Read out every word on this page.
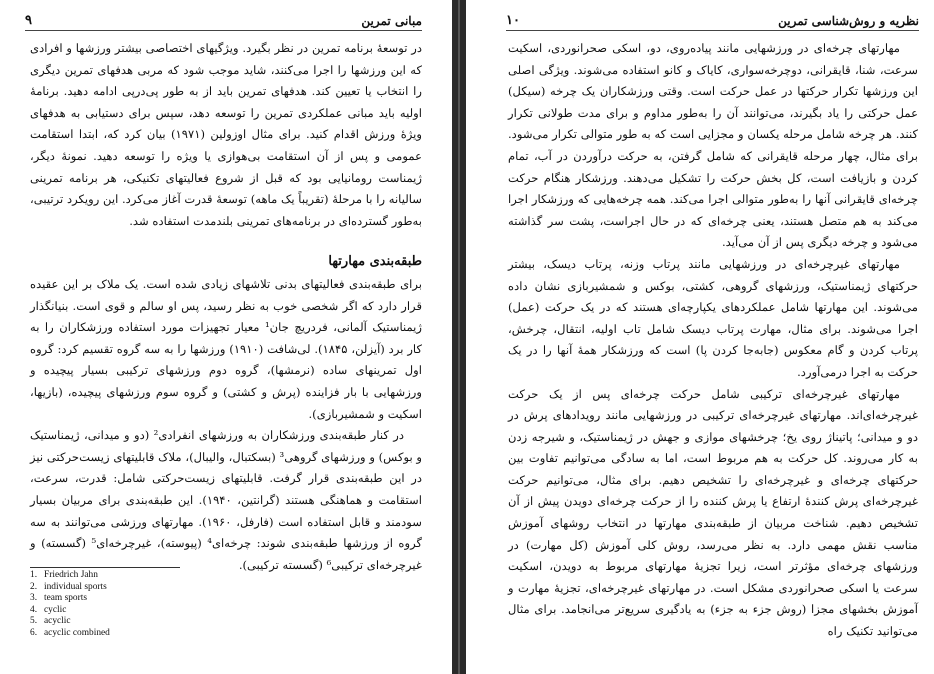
مبانی تمرین
۹

در توسعهٔ برنامه تمرین در نظر بگیرد. ویژگیهای اختصاصی بیشتر ورزشها و افرادی که این ورزشها را اجرا می‌کنند، شاید موجب شود که مربی هدفهای تمرین دیگری را انتخاب یا تعیین کند. هدفهای تمرین باید از به طور پی‌درپی ادامه دهید. برنامهٔ اولیه باید مبانی عملکردی تمرین را توسعه دهد، سپس برای دستیابی به هدفهای ویژهٔ ورزش اقدام کنید. برای مثال اوزولین (۱۹۷۱) بیان کرد که، ابتدا استقامت عمومی و پس از آن استقامت بی‌هوازی یا ویژه را توسعه دهید. نمونهٔ دیگر، ژیمناست رومانیایی بود که قبل از شروع فعالیتهای تکنیکی، هر برنامه تمرینی سالیانه را با مرحلهٔ (تقریباً یک ماهه) توسعهٔ قدرت آغاز می‌کرد. این رویکرد ترتیبی، به‌طور گسترده‌ای در برنامه‌های تمرینی بلندمدت استفاده شد.

طبقه‌بندی مهارتها

برای طبقه‌بندی فعالیتهای بدنی تلاشهای زیادی شده است. یک ملاک بر این عقیده قرار دارد که اگر شخصی خوب به نظر رسید، پس او سالم و قوی است. بنیانگذار ژیمناستیک آلمانی، فردریچ جان¹ معیار تجهیزات مورد استفاده ورزشکاران را به کار برد (آیزلن، ۱۸۴۵). لی‌شافت (۱۹۱۰) ورزشها را به سه گروه تقسیم کرد: گروه اول تمرینهای ساده (نرمشها)، گروه دوم ورزشهای ترکیبی بسیار پیچیده و ورزشهایی با بار فزاینده (پرش و کشتی) و گروه سوم ورزشهای پیچیده، (بازیها، اسکیت و شمشیربازی).

در کنار طبقه‌بندی ورزشکاران به ورزشهای انفرادی² (دو و میدانی، ژیمناستیک و بوکس) و ورزشهای گروهی³ (بسکتبال، والیبال)، ملاک قابلیتهای زیست‌حرکتی نیز در این طبقه‌بندی قرار گرفت. قابلیتهای زیست‌حرکتی شامل: قدرت، سرعت، استقامت و هماهنگی هستند (گرانتین، ۱۹۴۰). این طبقه‌بندی برای مربیان بسیار سودمند و قابل استفاده است (فارفل، ۱۹۶۰). مهارتهای ورزشی می‌توانند به سه گروه از ورزشها طبقه‌بندی شوند: چرخه‌ای⁴ (پیوسته)، غیرچرخه‌ای⁵ (گسسته) و غیرچرخه‌ای ترکیبی⁶ (گسسته ترکیبی).

1. Friedrich Jahn
2. individual sports
3. team sports
4. cyclic
5. acyclic
6. acyclic combined
نظریه و روش‌شناسی تمرین
۱۰

مهارتهای چرخه‌ای در ورزشهایی مانند پیاده‌روی، دو، اسکی صحرانوردی، اسکیت سرعت، شنا، قایقرانی، دوچرخه‌سواری، کایاک و کانو استفاده می‌شوند. ویژگی اصلی این ورزشها تکرار حرکتها در عمل حرکت است. وقتی ورزشکاران یک چرخه (سیکل) عمل حرکتی را یاد بگیرند، می‌توانند آن را به‌طور مداوم و برای مدت طولانی تکرار کنند. هر چرخه شامل مرحله یکسان و مجزایی است که به طور متوالی تکرار می‌شود. برای مثال، چهار مرحله قایقرانی که شامل گرفتن، به حرکت درآوردن در آب، تمام کردن و بازیافت است، کل بخش حرکت را تشکیل می‌دهند. ورزشکار هنگام حرکت چرخه‌ای قایقرانی آنها را به‌طور متوالی اجرا می‌کند. همه چرخه‌هایی که ورزشکار اجرا می‌کند به هم متصل هستند، یعنی چرخه‌ای که در حال اجراست، پشت سر گذاشته می‌شود و چرخه دیگری پس از آن می‌آید.

مهارتهای غیرچرخه‌ای در ورزشهایی مانند پرتاب وزنه، پرتاب دیسک، بیشتر حرکتهای ژیمناستیک، ورزشهای گروهی، کشتی، بوکس و شمشیربازی نشان داده می‌شوند. این مهارتها شامل عملکردهای یکپارچه‌ای هستند که در یک حرکت (عمل) اجرا می‌شوند. برای مثال، مهارت پرتاب دیسک شامل تاب اولیه، انتقال، چرخش، پرتاب کردن و گام معکوس (جابه‌جا کردن پا) است که ورزشکار همهٔ آنها را در یک حرکت به اجرا درمی‌آورد.

مهارتهای غیرچرخه‌ای ترکیبی شامل حرکت چرخه‌ای پس از یک حرکت غیرچرخه‌ای‌اند. مهارتهای غیرچرخه‌ای ترکیبی در ورزشهایی مانند رویدادهای پرش در دو و میدانی؛ پاتیناژ روی یخ؛ چرخشهای موازی و جهش در ژیمناستیک، و شیرجه زدن به کار می‌روند. کل حرکت به هم مربوط است، اما به سادگی می‌توانیم تفاوت بین حرکتهای چرخه‌ای و غیرچرخه‌ای را تشخیص دهیم. برای مثال، می‌توانیم حرکت غیرچرخه‌ای پرش کنندهٔ ارتفاع یا پرش کننده را از حرکت چرخه‌ای دویدن پیش از آن تشخیص دهیم. شناخت مربیان از طبقه‌بندی مهارتها در انتخاب روشهای آموزش مناسب نقش مهمی دارد. به نظر می‌رسد، روش کلی آموزش (کل مهارت) در ورزشهای چرخه‌ای مؤثرتر است، زیرا تجزیهٔ مهارتهای مربوط به دویدن، اسکیت سرعت یا اسکی صحرانوردی مشکل است. در مهارتهای غیرچرخه‌ای، تجزیهٔ مهارت و آموزش بخشهای مجزا (روش جزء به جزء) به یادگیری سریع‌تر می‌انجامد. برای مثال می‌توانید تکنیک راه
